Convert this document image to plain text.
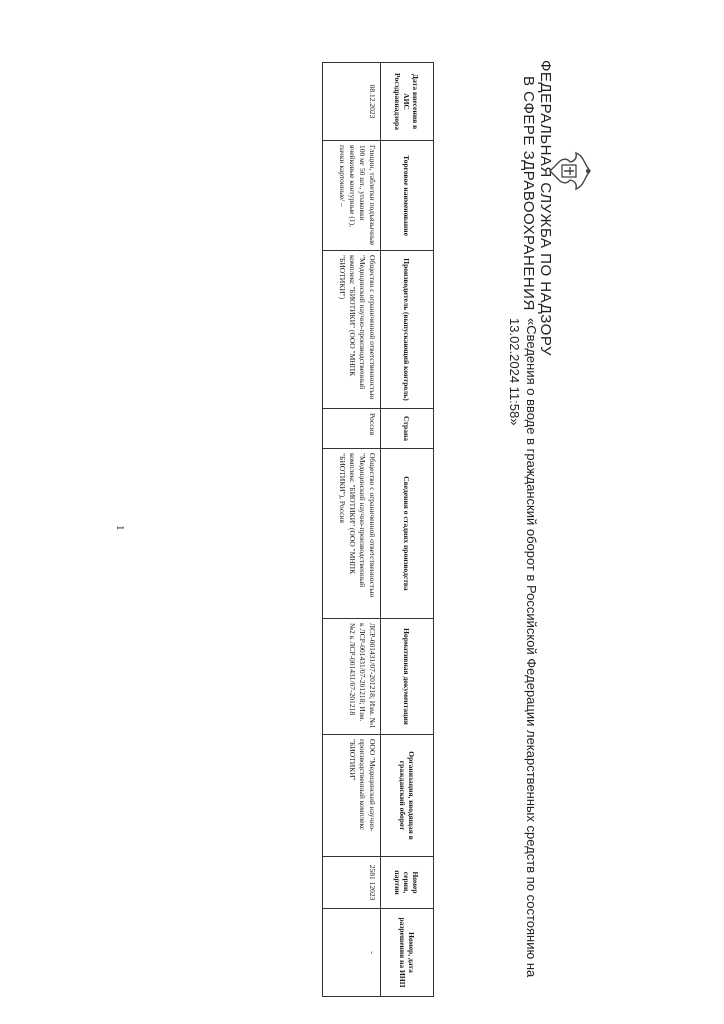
ФЕДЕРАЛЬНАЯ СЛУЖБА ПО НАДЗОРУ
В СФЕРЕ ЗДРАВООХРАНЕНИЯ
«Сведения о вводе в гражданский оборот в Российской Федерации лекарственных средств по состоянию на 13.02.2024 11:58»
Дата внесения в АИС Росздравнадзора	Торговое наименование	Производитель (выпускающий контроль)	Страна	Сведения о стадиях производства	Нормативная документация	Организация, вводящая в гражданский оборот	Номер серии, партии	Номер, дата разрешения на ИНП
08.12.2023	Глицин, таблетки подъязычные 100 мг 50 шт., упаковки ячейковые контурные (1), пачки картонные/ –	Общество с ограниченной ответственностью "Медицинский научно-производственный комплекс "БИОТИКИ" (ООО "МНПК "БИОТИКИ")	Россия	Общество с ограниченной ответственностью "Медицинский научно-производственный комплекс "БИОТИКИ" (ООО "МНПК "БИОТИКИ"), Россия	ЛСР-001431/07-201218; Изм. №1 к ЛСР-001431/07-201218; Изм. №2 к ЛСР-001431/07-201218	ООО "Медицинский научно-производственный комплекс "БИОТИКИ"	2581 12023	-
1
